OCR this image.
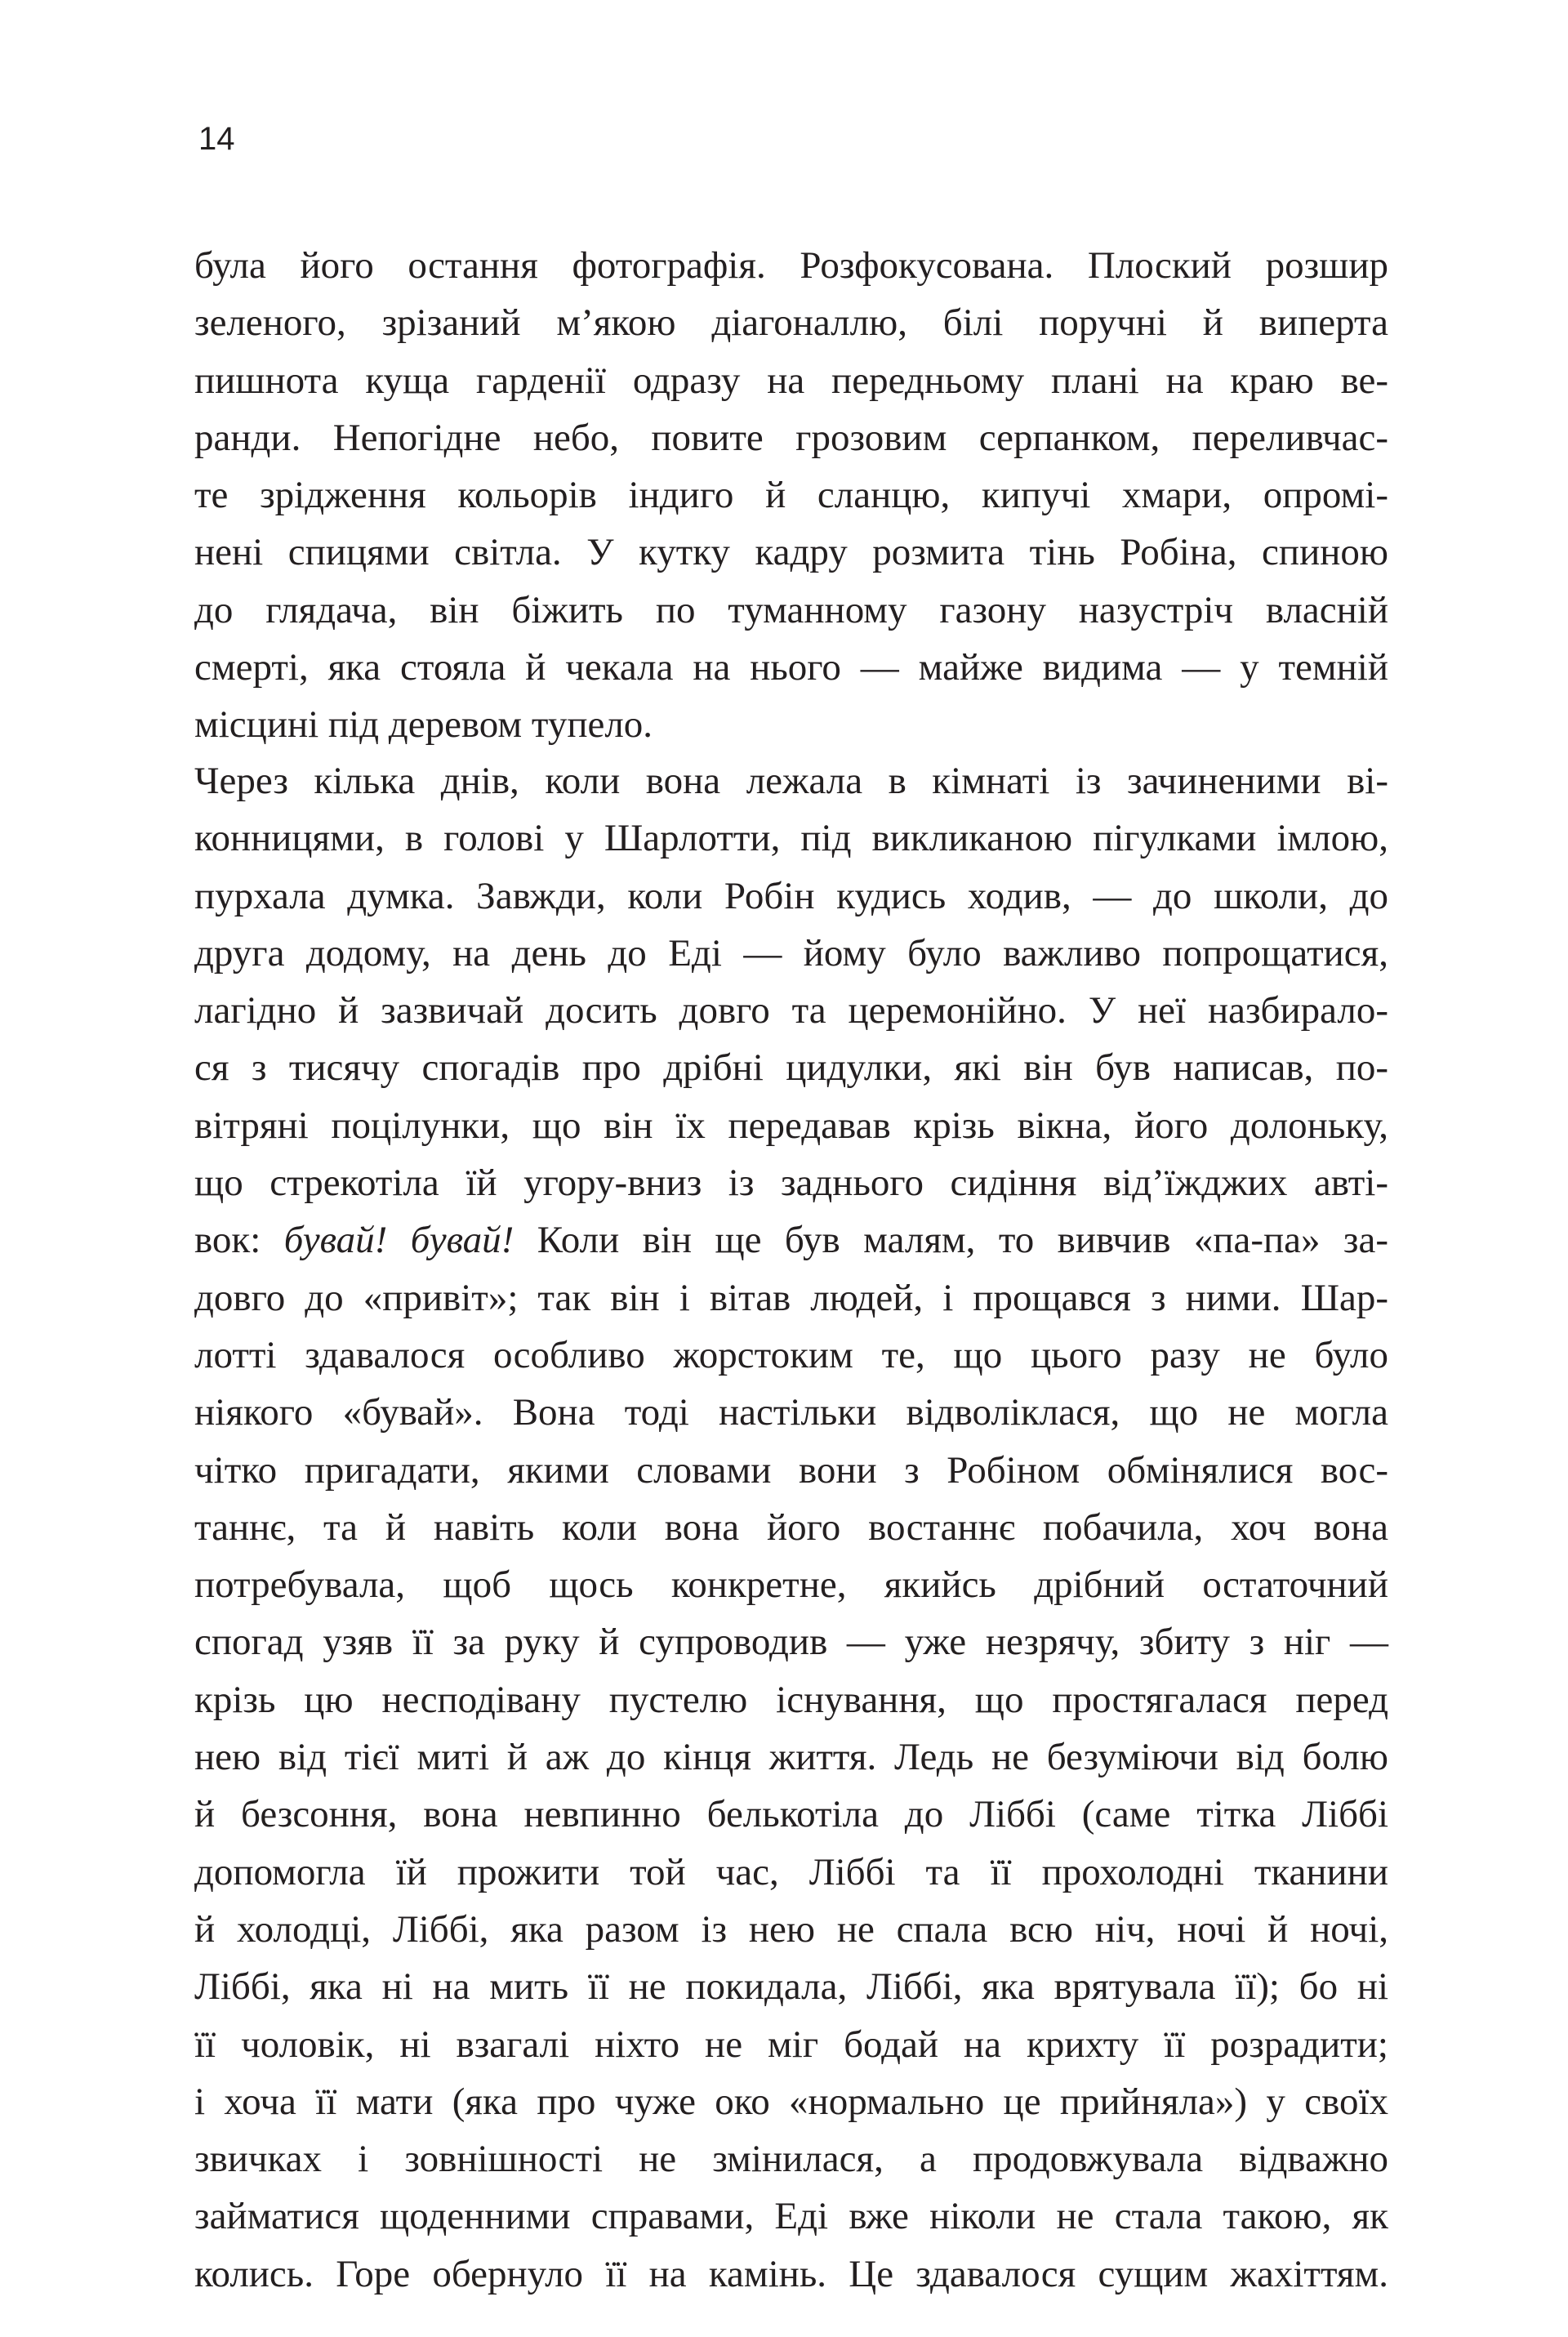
14
була його остання фотографія. Розфокусована. Плоский розшир
зеленого, зрізаний м’якою діагоналлю, білі поручні й виперта
пишнота куща гарденії одразу на передньому плані на краю ве-
ранди. Непогідне небо, повите грозовим серпанком, переливчас-
те зрідження кольорів індиго й сланцю, кипучі хмари, опромі-
нені спицями світла. У кутку кадру розмита тінь Робіна, спиною
до глядача, він біжить по туманному газону назустріч власній
смерті, яка стояла й чекала на нього — майже видима — у темній
місцині під деревом тупело.
Через кілька днів, коли вона лежала в кімнаті із зачиненими ві-
конницями, в голові у Шарлотти, під викликаною пігулками імлою,
пурхала думка. Завжди, коли Робін кудись ходив, — до школи, до
друга додому, на день до Еді — йому було важливо попрощатися,
лагідно й зазвичай досить довго та церемонійно. У неї назбирало-
ся з тисячу спогадів про дрібні цидулки, які він був написав, по-
вітряні поцілунки, що він їх передавав крізь вікна, його долоньку,
що стрекотіла їй угору-вниз із заднього сидіння від’їжджих авті-
вок: бувай! бувай! Коли він ще був малям, то вивчив «па-па» за-
довго до «привіт»; так він і вітав людей, і прощався з ними. Шар-
лотті здавалося особливо жорстоким те, що цього разу не було
ніякого «бувай». Вона тоді настільки відволіклася, що не могла
чітко пригадати, якими словами вони з Робіном обмінялися вос-
таннє, та й навіть коли вона його востаннє побачила, хоч вона
потребувала, щоб щось конкретне, якийсь дрібний остаточний
спогад узяв її за руку й супроводив — уже незрячу, збиту з ніг —
крізь цю несподівану пустелю існування, що простягалася перед
нею від тієї миті й аж до кінця життя. Ледь не безуміючи від болю
й безсоння, вона невпинно белькотіла до Ліббі (саме тітка Ліббі
допомогла їй прожити той час, Ліббі та її прохолодні тканини
й холодці, Ліббі, яка разом із нею не спала всю ніч, ночі й ночі,
Ліббі, яка ні на мить її не покидала, Ліббі, яка врятувала її); бо ні
її чоловік, ні взагалі ніхто не міг бодай на крихту її розрадити;
і хоча її мати (яка про чуже око «нормально це прийняла») у своїх
звичках і зовнішності не змінилася, а продовжувала відважно
займатися щоденними справами, Еді вже ніколи не стала такою, як
колись. Горе обернуло її на камінь. Це здавалося сущим жахіттям.
